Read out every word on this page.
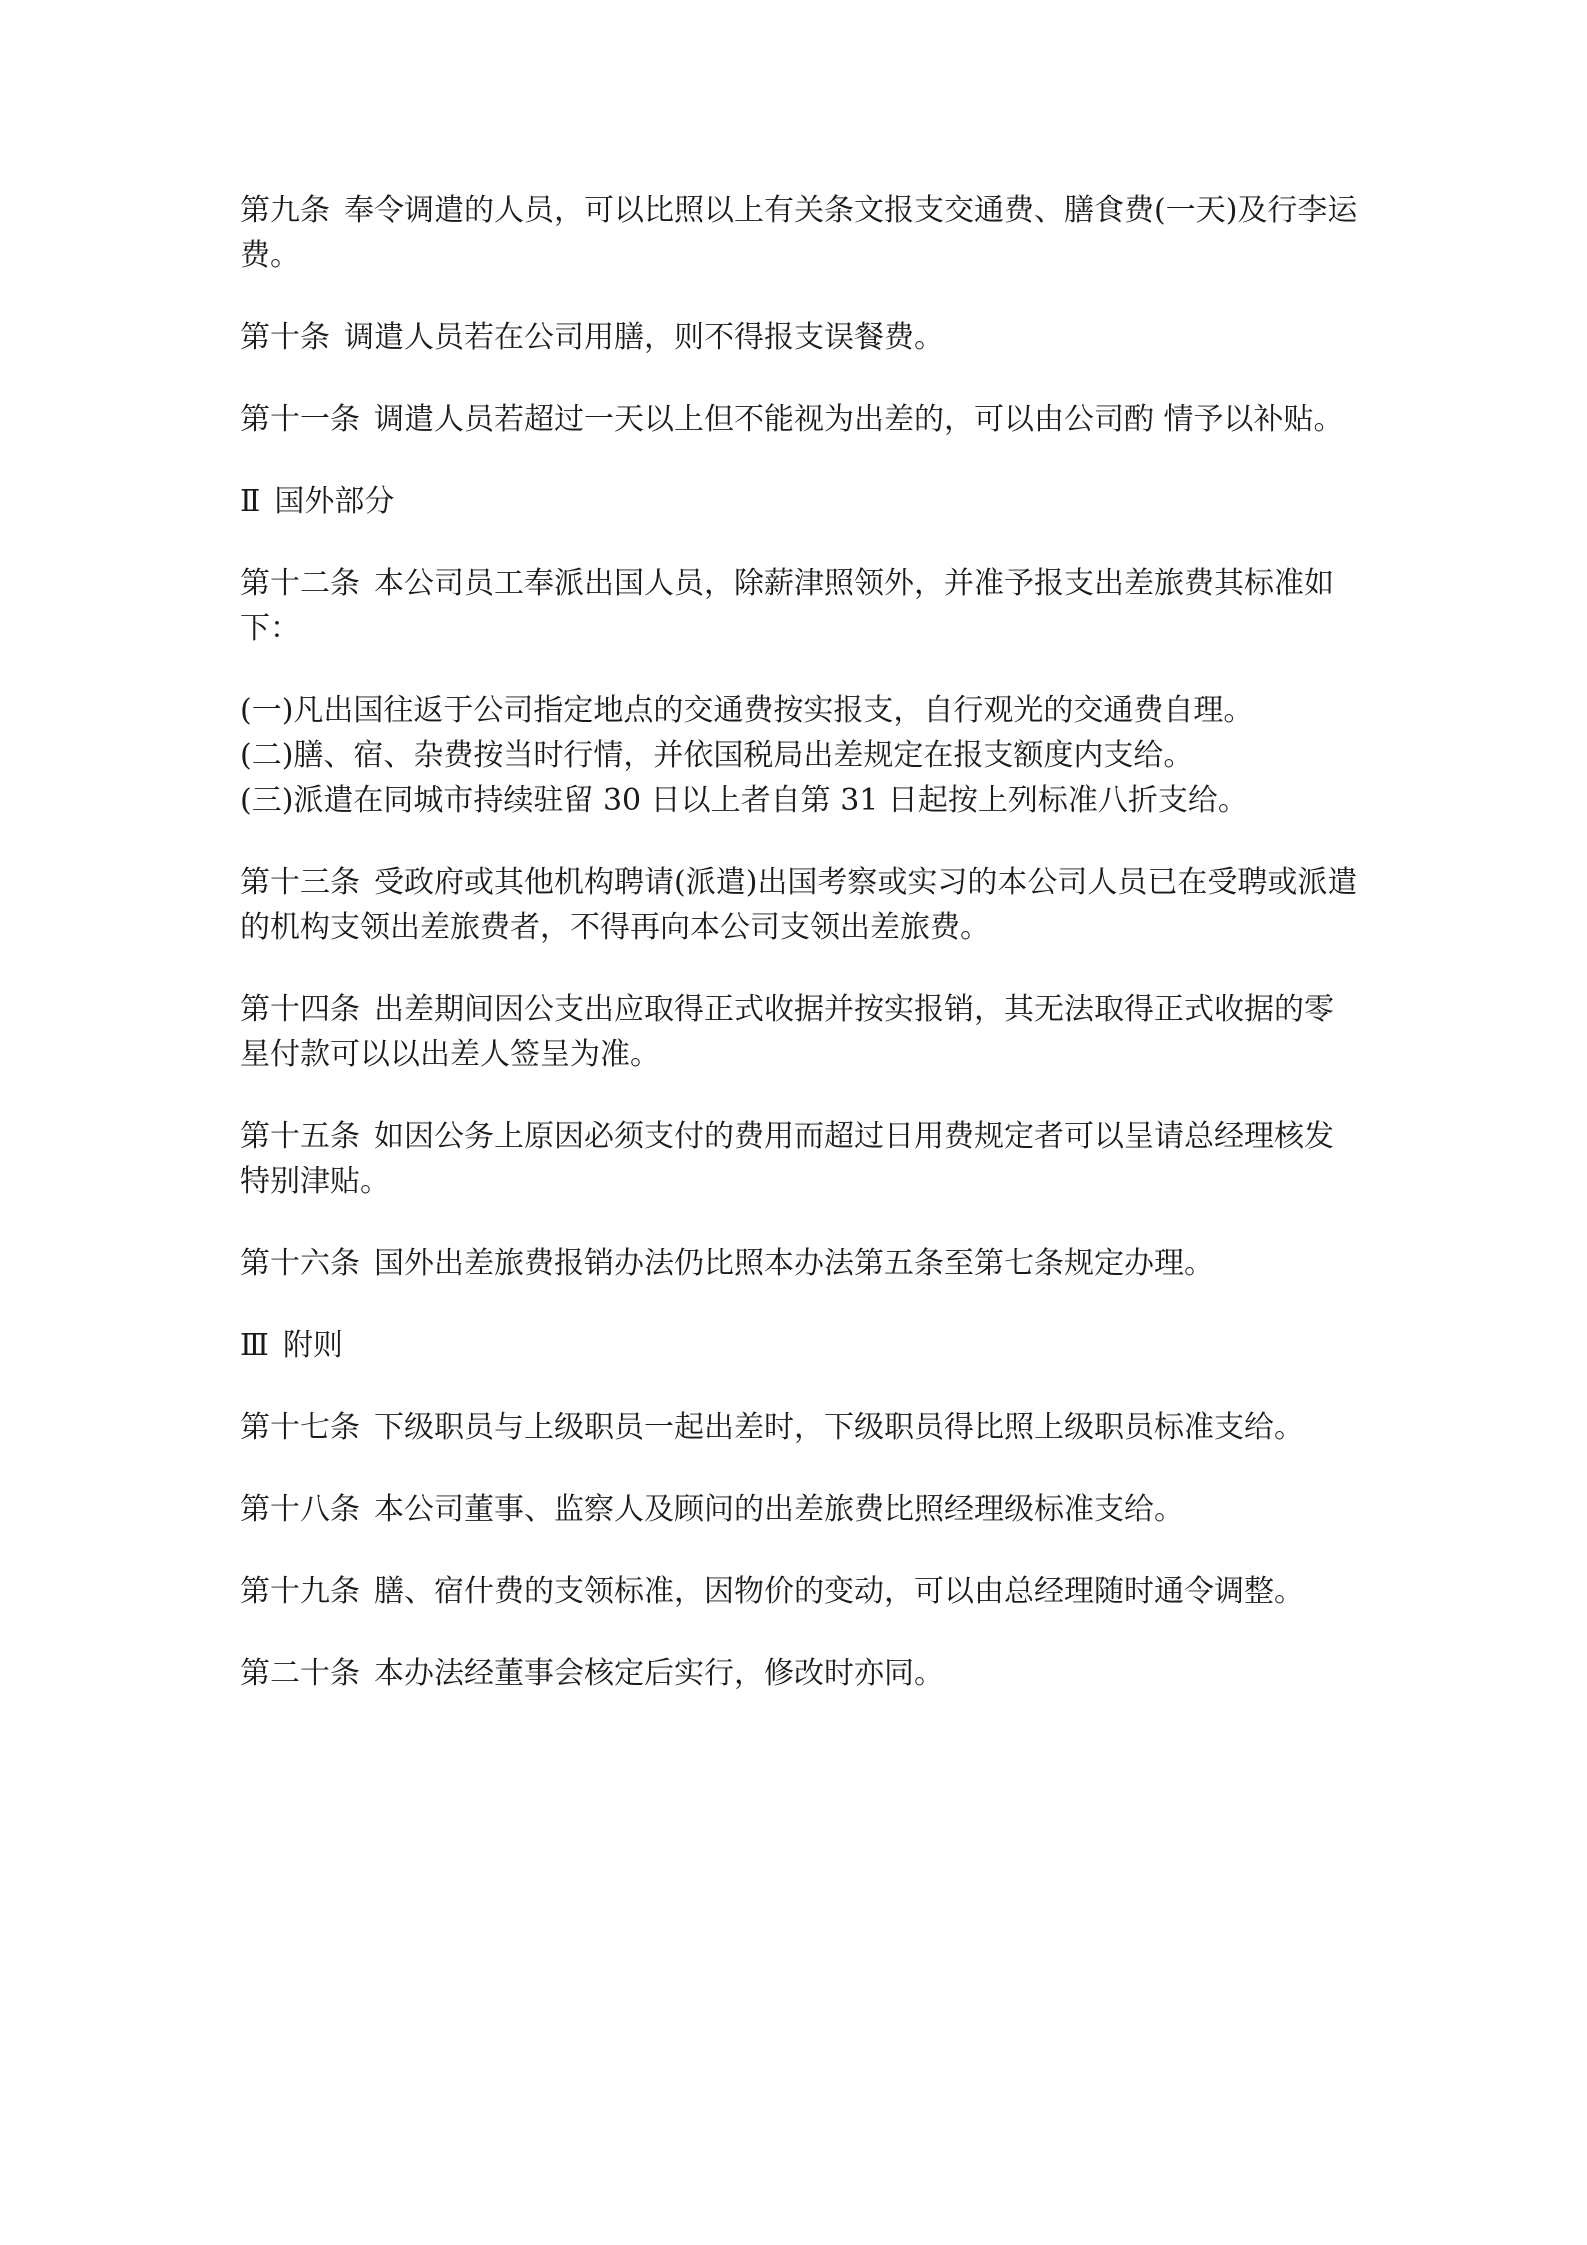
第九条 奉令调遣的人员，可以比照以上有关条文报支交通费、膳食费(一天)及行李运费。

第十条 调遣人员若在公司用膳，则不得报支误餐费。

第十一条 调遣人员若超过一天以上但不能视为出差的，可以由公司酌 情予以补贴。

Ⅱ 国外部分

第十二条 本公司员工奉派出国人员，除薪津照领外，并准予报支出差旅费其标准如下：

(一)凡出国往返于公司指定地点的交通费按实报支，自行观光的交通费自理。

(二)膳、宿、杂费按当时行情，并依国税局出差规定在报支额度内支给。

(三)派遣在同城市持续驻留 30 日以上者自第 31 日起按上列标准八折支给。

第十三条 受政府或其他机构聘请(派遣)出国考察或实习的本公司人员已在受聘或派遣的机构支领出差旅费者，不得再向本公司支领出差旅费。

第十四条 出差期间因公支出应取得正式收据并按实报销，其无法取得正式收据的零星付款可以以出差人签呈为准。

第十五条 如因公务上原因必须支付的费用而超过日用费规定者可以呈请总经理核发特别津贴。

第十六条 国外出差旅费报销办法仍比照本办法第五条至第七条规定办理。

Ⅲ 附则

第十七条 下级职员与上级职员一起出差时，下级职员得比照上级职员标准支给。

第十八条 本公司董事、监察人及顾问的出差旅费比照经理级标准支给。

第十九条 膳、宿什费的支领标准，因物价的变动，可以由总经理随时通令调整。

第二十条 本办法经董事会核定后实行，修改时亦同。
